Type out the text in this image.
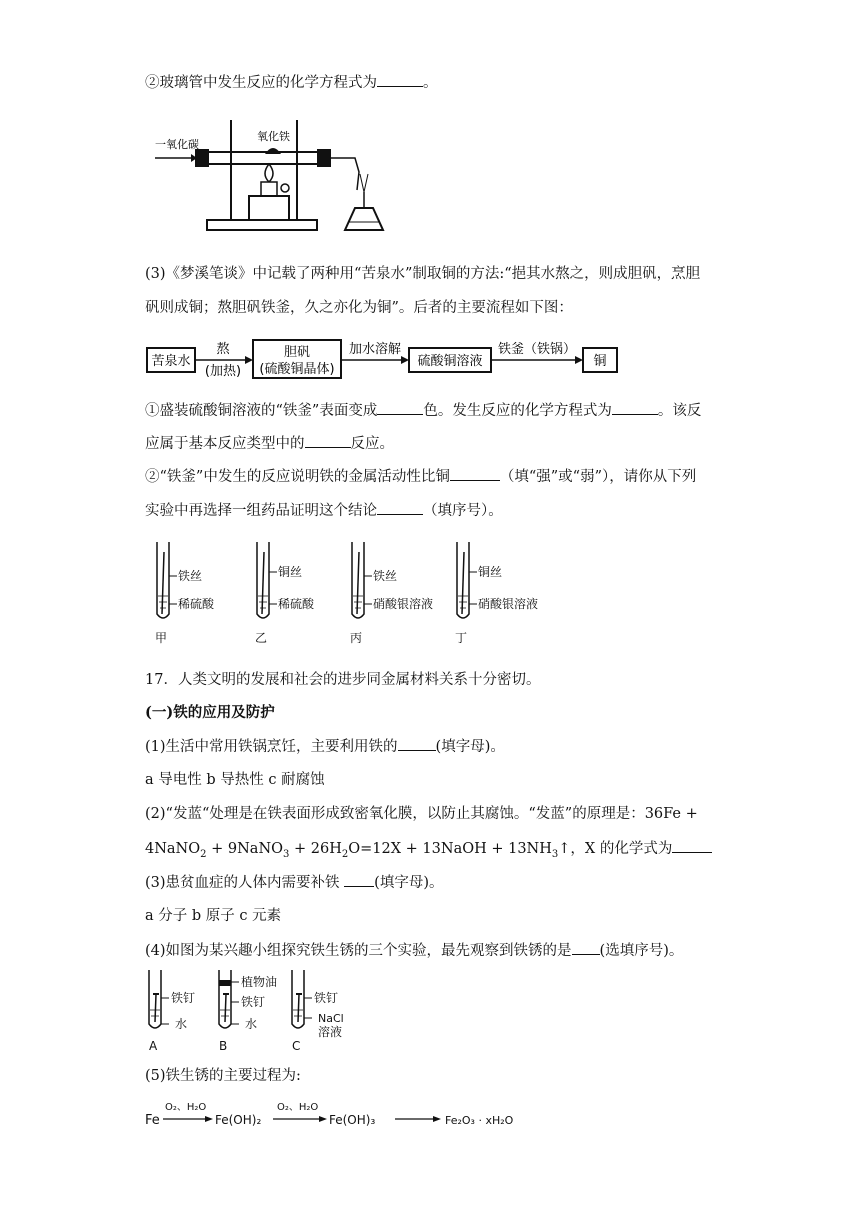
②玻璃管中发生反应的化学方程式为	。
一氧化碳
氧化铁
(3)《梦溪笔谈》中记载了两种用“苦泉水”制取铜的方法:“挹其水熬之，则成胆矾，烹胆
矾则成铜；熬胆矾铁釜，久之亦化为铜”。后者的主要流程如下图：
苦泉水
熬
(加热)
胆矾
(硫酸铜晶体)
加水溶解
硫酸铜溶液
铁釜（铁锅）
铜
①盛装硫酸铜溶液的“铁釜”表面变成	色。发生反应的化学方程式为	。该反
应属于基本反应类型中的	反应。
②“铁釜”中发生的反应说明铁的金属活动性比铜	（填“强”或“弱”），请你从下列
实验中再选择一组药品证明这个结论	（填序号）。
铁丝
稀硫酸
甲
铜丝
稀硫酸
乙
铁丝
硝酸银溶液
丙
铜丝
硝酸银溶液
丁
17．人类文明的发展和社会的进步同金属材料关系十分密切。
(一)铁的应用及防护
(1)生活中常用铁锅烹饪，主要利用铁的	(填字母)。
a 导电性 b 导热性 c 耐腐蚀
(2)“发蓝“处理是在铁表面形成致密氧化膜，以防止其腐蚀。“发蓝”的原理是：36Fe +
4NaNO$_2$ + 9NaNO$_3$ + $26H_2O=12X$ + 13NaOH + $13NH_3↑$，X 的化学式为
(3)患贫血症的人体内需要补铁 (填字母)。
a 分子 b 原子 c 元素
(4)如图为某兴趣小组探究铁生锈的三个实验，最先观察到铁锈的是 (选填序号)。
铁钉
水
A
植物油
铁钉
水
B
铁钉
NaCl
溶液
C
(5)铁生锈的主要过程为:
Fe
O₂、H₂O
Fe(OH)₂
O₂、H₂O
Fe(OH)₃	Fe₂O₃ · xH₂O
